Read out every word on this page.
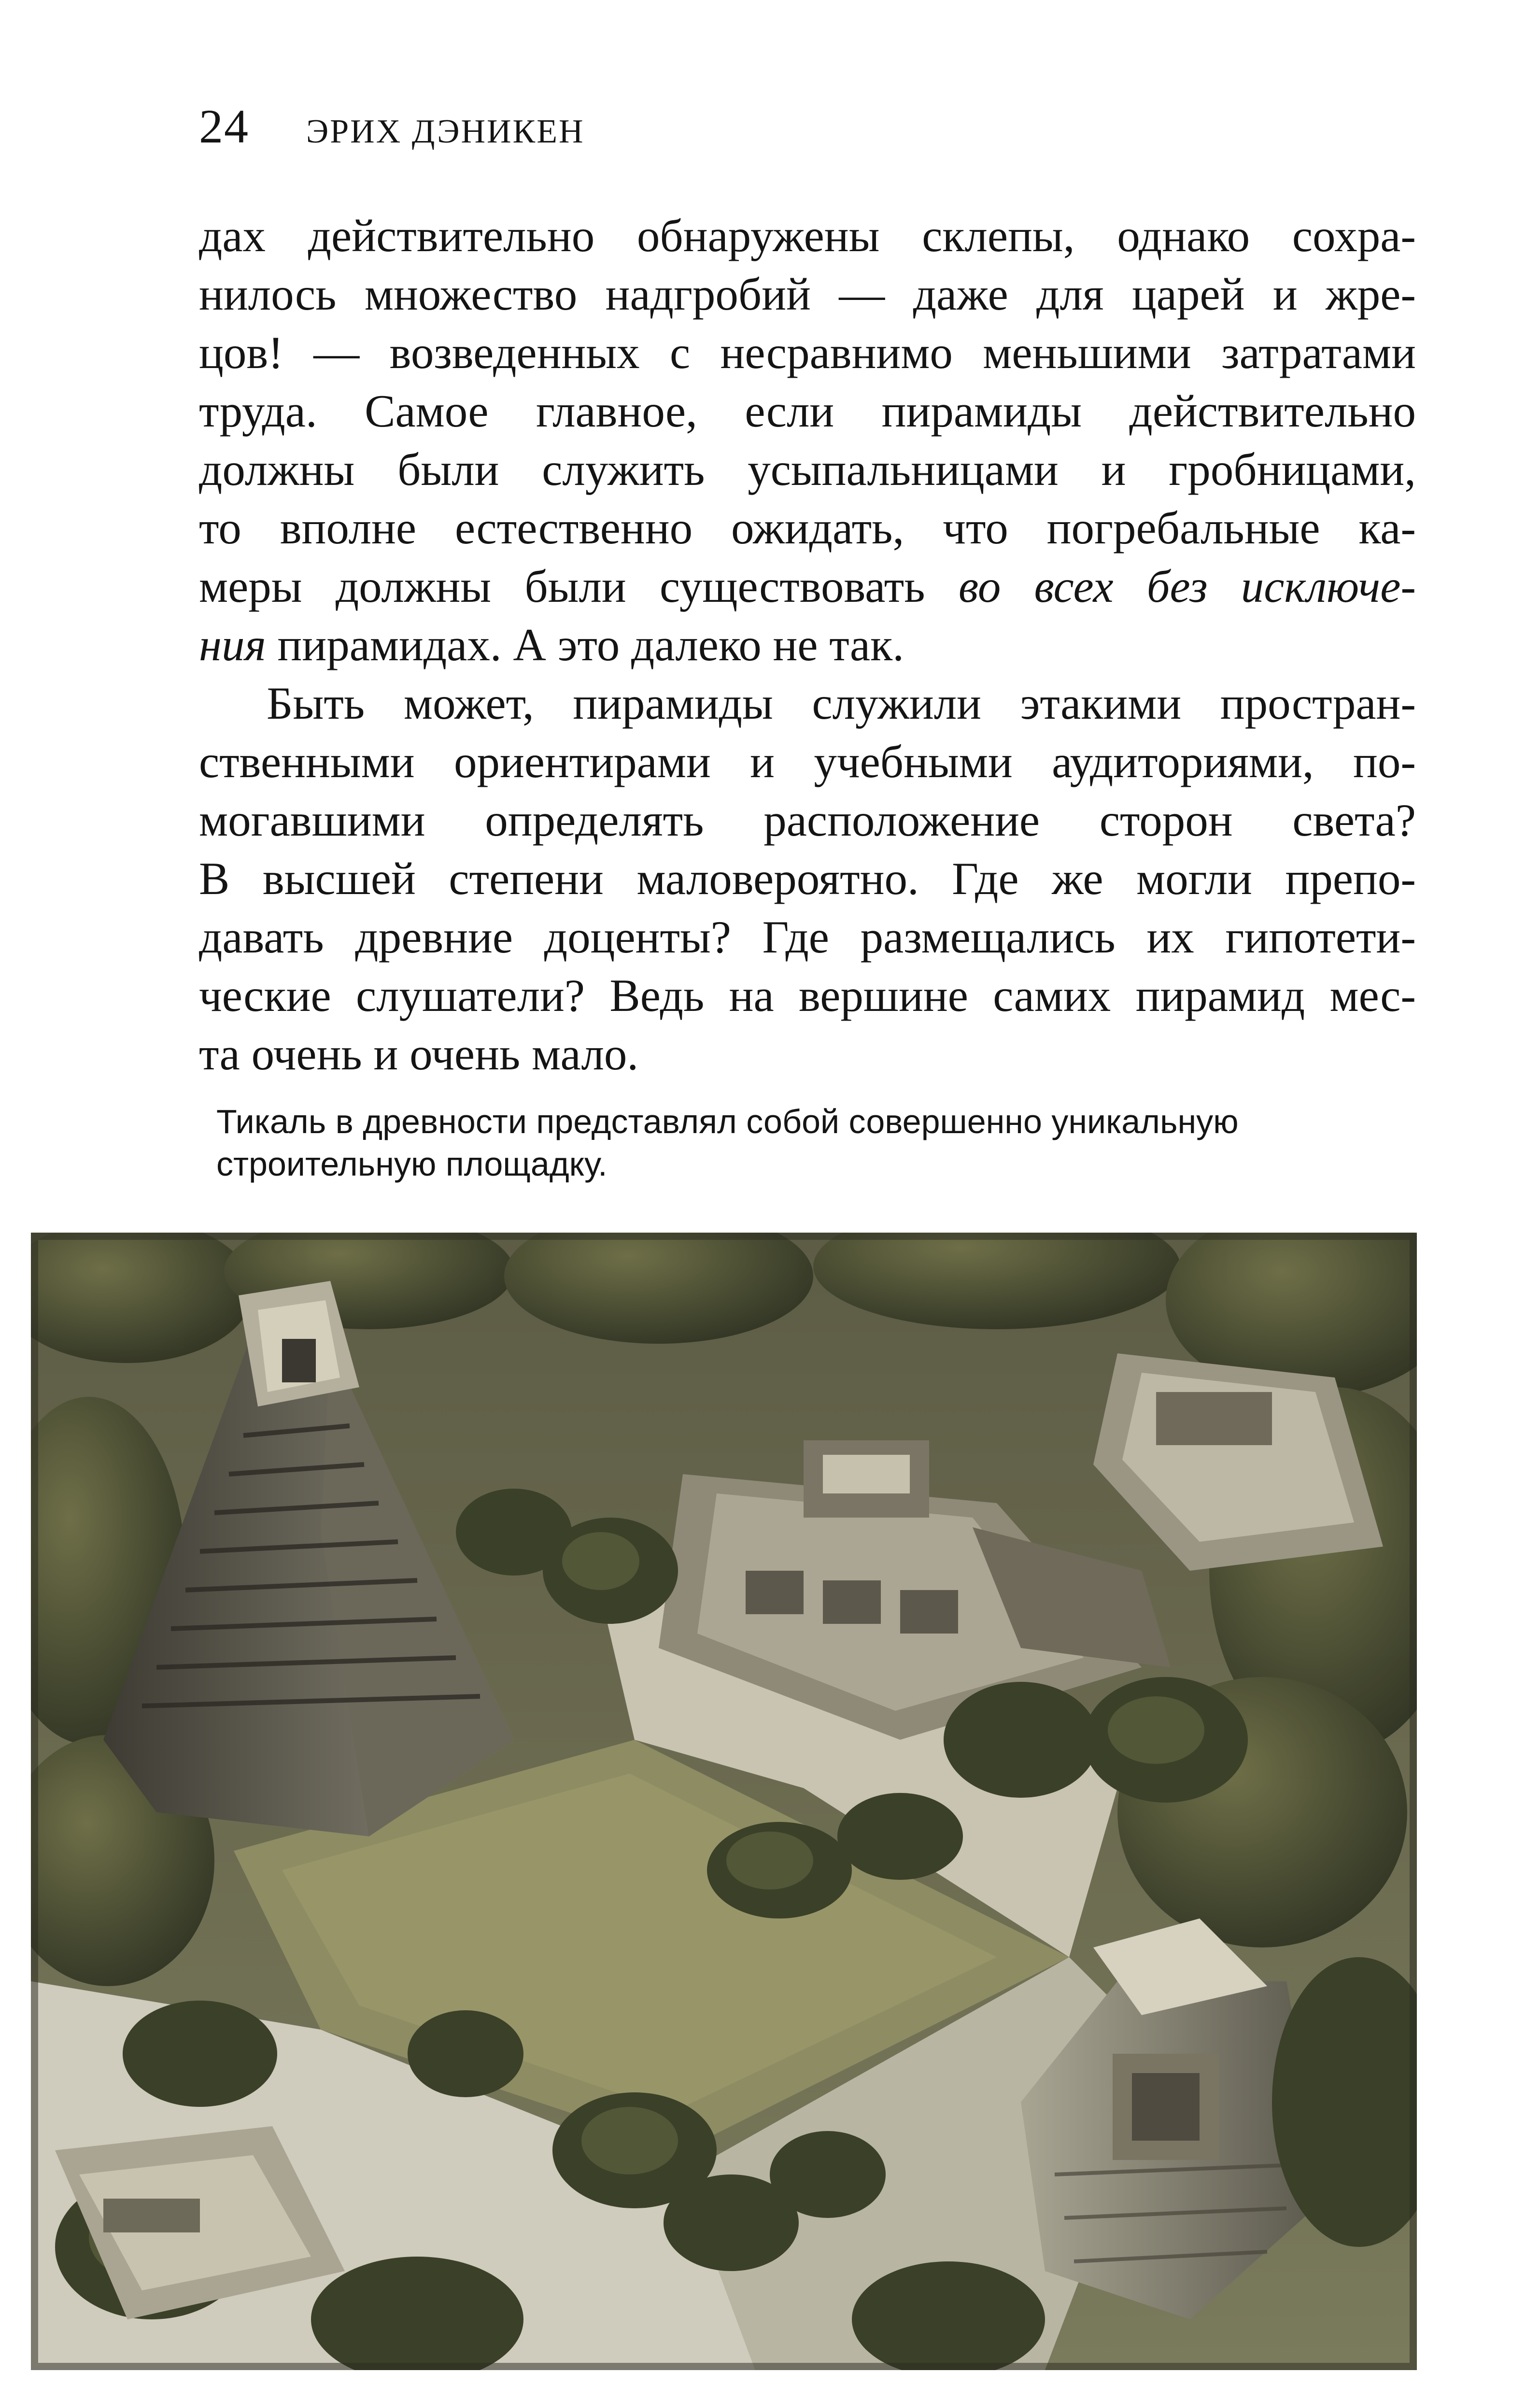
24 ЭРИХ ДЭНИКЕН
дах действительно обнаружены склепы, однако сохра-
нилось множество надгробий — даже для царей и жре-
цов! — возведенных с несравнимо меньшими затратами
труда. Самое главное, если пирамиды действительно
должны были служить усыпальницами и гробницами,
то вполне естественно ожидать, что погребальные ка-
меры должны были существовать во всех без исключе-
ния пирамидах. А это далеко не так.
Быть может, пирамиды служили этакими простран-
ственными ориентирами и учебными аудиториями, по-
могавшими определять расположение сторон света?
В высшей степени маловероятно. Где же могли препо-
давать древние доценты? Где размещались их гипотети-
ческие слушатели? Ведь на вершине самих пирамид мес-
та очень и очень мало.
Тикаль в древности представлял собой совершенно уникальную
строительную площадку.
